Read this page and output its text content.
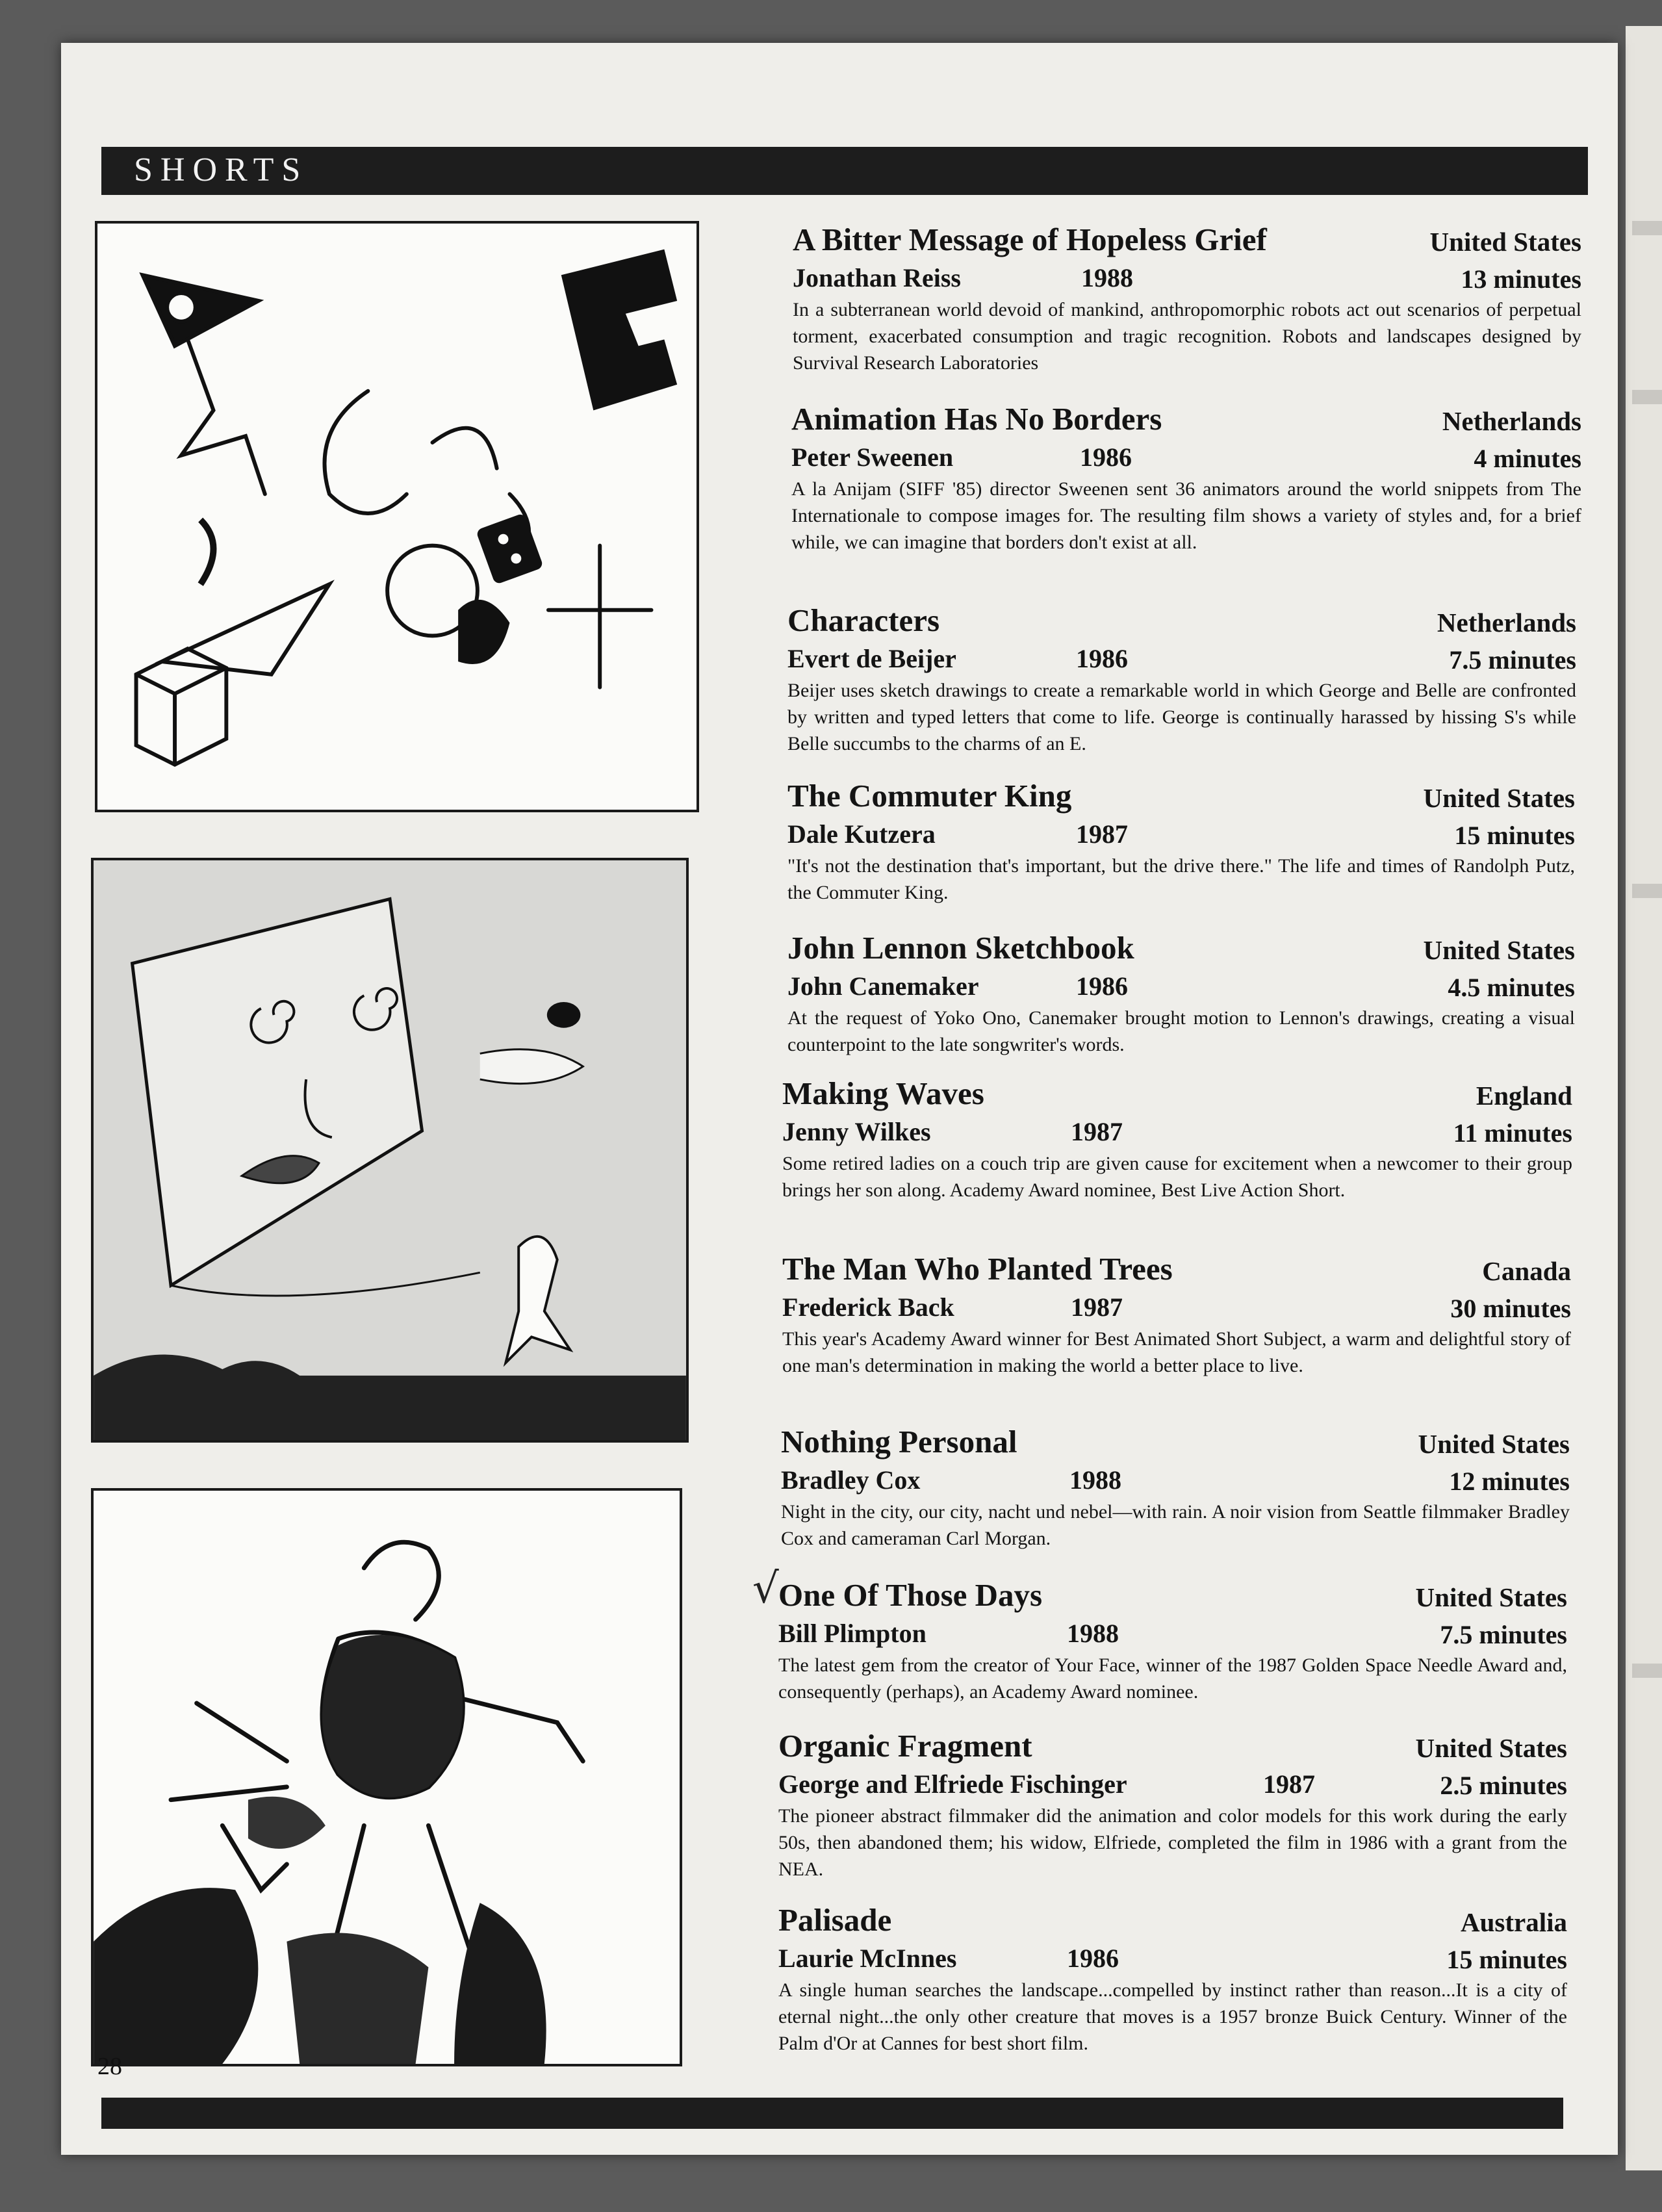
SHORTS
A Bitter Message of Hopeless Grief	United States
Jonathan Reiss	1988	13 minutes
In a subterranean world devoid of mankind, anthropomorphic robots act out scenarios of perpetual torment, exacerbated consumption and tragic recognition. Robots and landscapes designed by Survival Research Laboratories
Animation Has No Borders	Netherlands
Peter Sweenen	1986	4 minutes
A la Anijam (SIFF '85) director Sweenen sent 36 animators around the world snippets from The Internationale to compose images for. The resulting film shows a variety of styles and, for a brief while, we can imagine that borders don't exist at all.
Characters	Netherlands
Evert de Beijer	1986	7.5 minutes
Beijer uses sketch drawings to create a remarkable world in which George and Belle are confronted by written and typed letters that come to life. George is continually harassed by hissing S's while Belle succumbs to the charms of an E.
The Commuter King	United States
Dale Kutzera	1987	15 minutes
"It's not the destination that's important, but the drive there." The life and times of Randolph Putz, the Commuter King.
John Lennon Sketchbook	United States
John Canemaker	1986	4.5 minutes
At the request of Yoko Ono, Canemaker brought motion to Lennon's drawings, creating a visual counterpoint to the late songwriter's words.
Making Waves	England
Jenny Wilkes	1987	11 minutes
Some retired ladies on a couch trip are given cause for excitement when a newcomer to their group brings her son along. Academy Award nominee, Best Live Action Short.
The Man Who Planted Trees	Canada
Frederick Back	1987	30 minutes
This year's Academy Award winner for Best Animated Short Subject, a warm and delightful story of one man's determination in making the world a better place to live.
Nothing Personal	United States
Bradley Cox	1988	12 minutes
Night in the city, our city, nacht und nebel—with rain. A noir vision from Seattle filmmaker Bradley Cox and cameraman Carl Morgan.
√ One Of Those Days	United States
Bill Plimpton	1988	7.5 minutes
The latest gem from the creator of Your Face, winner of the 1987 Golden Space Needle Award and, consequently (perhaps), an Academy Award nominee.
Organic Fragment	United States
George and Elfriede Fischinger	1987	2.5 minutes
The pioneer abstract filmmaker did the animation and color models for this work during the early 50s, then abandoned them; his widow, Elfriede, completed the film in 1986 with a grant from the NEA.
Palisade	Australia
Laurie McInnes	1986	15 minutes
A single human searches the landscape...compelled by instinct rather than reason...It is a city of eternal night...the only other creature that moves is a 1957 bronze Buick Century. Winner of the Palm d'Or at Cannes for best short film.
28
